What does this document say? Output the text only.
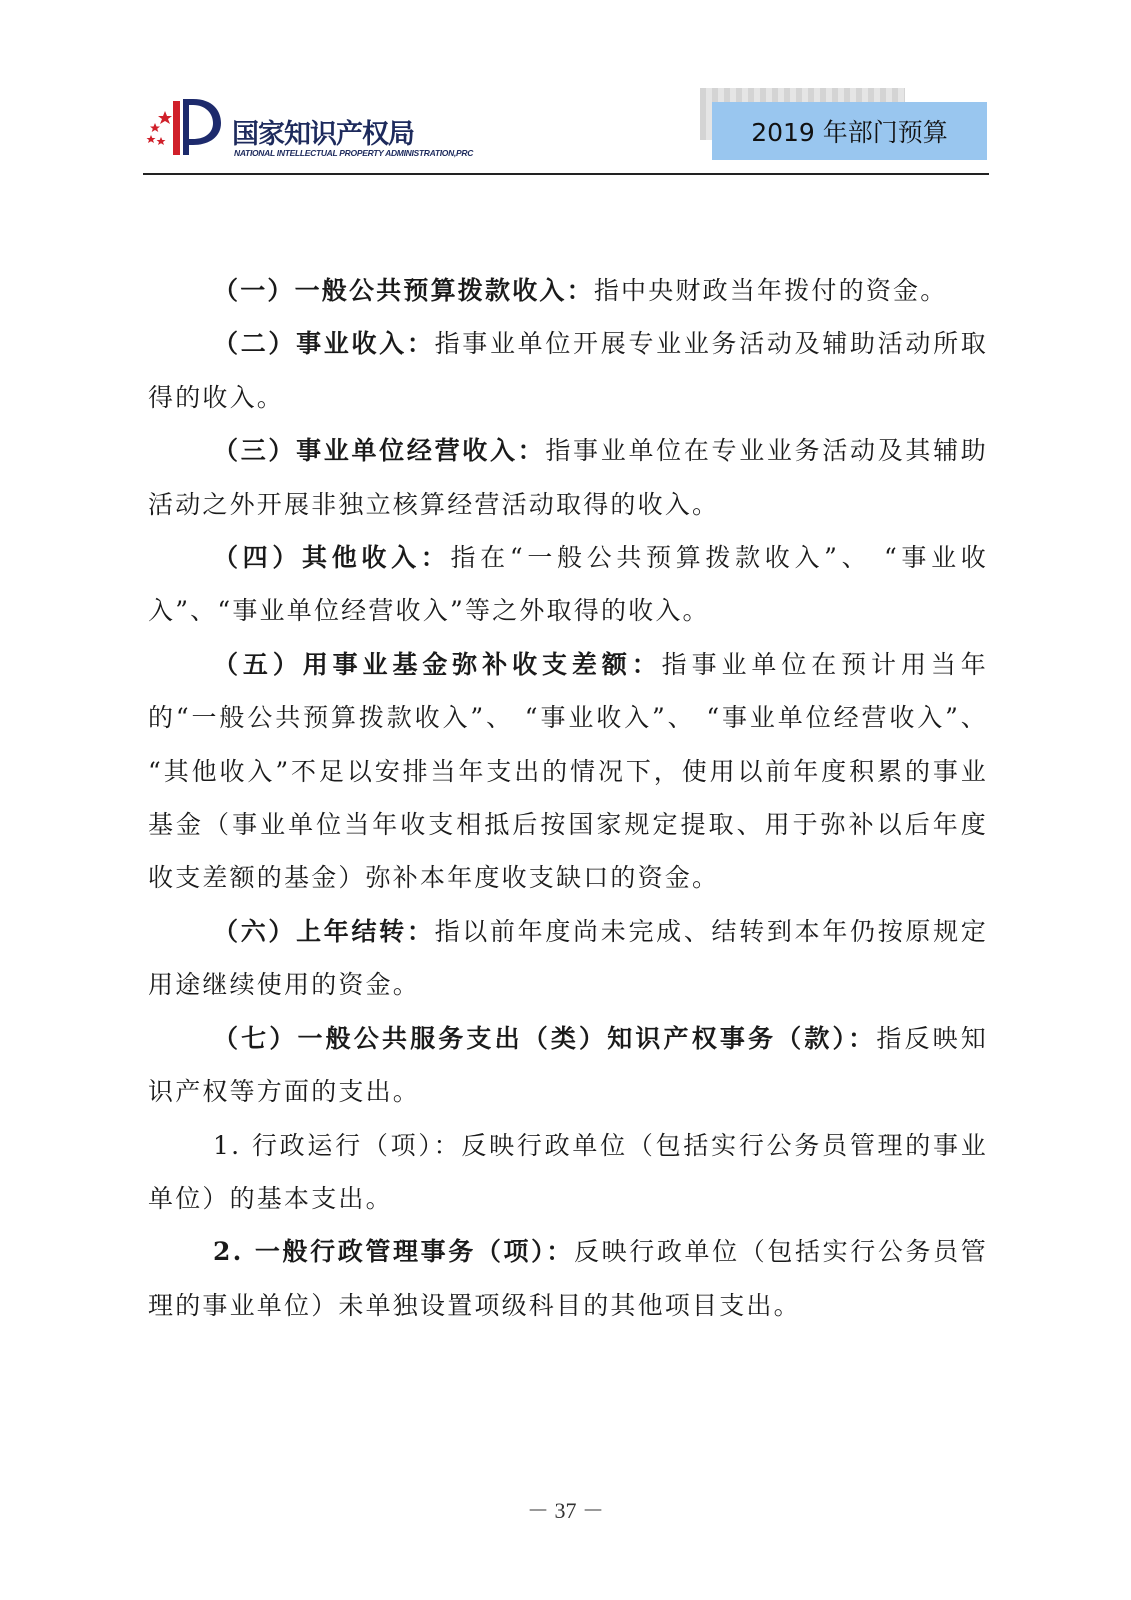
国家知识产权局
NATIONAL INTELLECTUAL PROPERTY ADMINISTRATION,PRC
2019 年部门预算

（一）一般公共预算拨款收入：指中央财政当年拨付的资金。

（二）事业收入：指事业单位开展专业业务活动及辅助活动所取得的收入。

（三）事业单位经营收入：指事业单位在专业业务活动及其辅助活动之外开展非独立核算经营活动取得的收入。

（四）其他收入：指在“一般公共预算拨款收入”、 “事业收入”、“事业单位经营收入”等之外取得的收入。

（五）用事业基金弥补收支差额：指事业单位在预计用当年的“一般公共预算拨款收入”、 “事业收入”、 “事业单位经营收入”、 “其他收入”不足以安排当年支出的情况下，使用以前年度积累的事业基金（事业单位当年收支相抵后按国家规定提取、用于弥补以后年度收支差额的基金）弥补本年度收支缺口的资金。

（六）上年结转：指以前年度尚未完成、结转到本年仍按原规定用途继续使用的资金。

（七）一般公共服务支出（类）知识产权事务（款）：指反映知识产权等方面的支出。

1. 行政运行（项）：反映行政单位（包括实行公务员管理的事业单位）的基本支出。

2. 一般行政管理事务（项）：反映行政单位（包括实行公务员管理的事业单位）未单独设置项级科目的其他项目支出。

－ 37 －
